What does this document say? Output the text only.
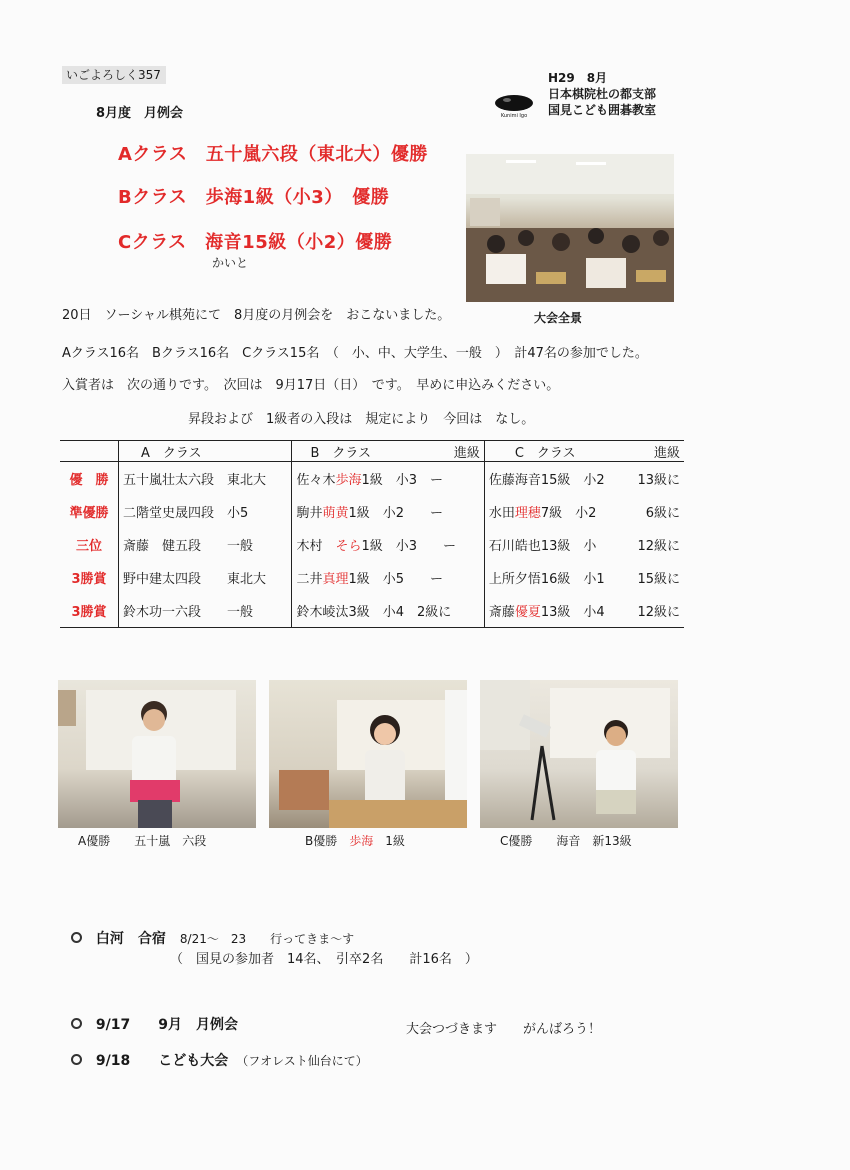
いごよろしく357	H29　8月
日本棋院杜の都支部
国見こども囲碁教室
Kunimi Igo
8月度　月例会
Aクラス　五十嵐六段（東北大）優勝
Bクラス　歩海1級（小3）　優勝
Cクラス　海音15級（小2）優勝
かいと
大会全景
20日　ソーシャル棋苑にて　8月度の月例会を　おこないました。
Aクラス16名　Bクラス16名　Cクラス15名　（　小、中、大学生、一般　）　計47名の参加でした。
入賞者は　次の通りです。　次回は　9月17日（日）　です。　早めに申込みください。
昇段および　1級者の入段は　規定により　今回は　なし。
	A　クラス	B　クラス	進級	C　クラス	進級
優　勝	五十嵐壮太六段　東北大	佐々木歩海1級　小3　ー		佐藤海音15級　小2	13級に
準優勝	二階堂史晟四段　小5	駒井萌黄1級　小2　　ー		水田理穂7級　小2	6級に
三位	斎藤　健五段　　一般	木村　そら1級　小3　　ー		石川皓也13級　小	12級に
3勝賞	野中建太四段　　東北大	二井真理1級　小5　　ー		上所夕悟16級　小1	15級に
3勝賞	鈴木功一六段　　一般	鈴木崚汰3級　小4　2級に		斎藤優夏13級　小4	12級に
A優勝　　五十嵐　六段	B優勝　歩海　1級	C優勝　　海音　新13級

　白河　合宿　 8/21～　23　　行ってきま～す

（　国見の参加者　14名、　引卒2名　　計16名　）

　9/17　　9月　月例会

　9/18　　こども大会　 （フオレスト仙台にて）

大会つづきます　　がんばろう！
